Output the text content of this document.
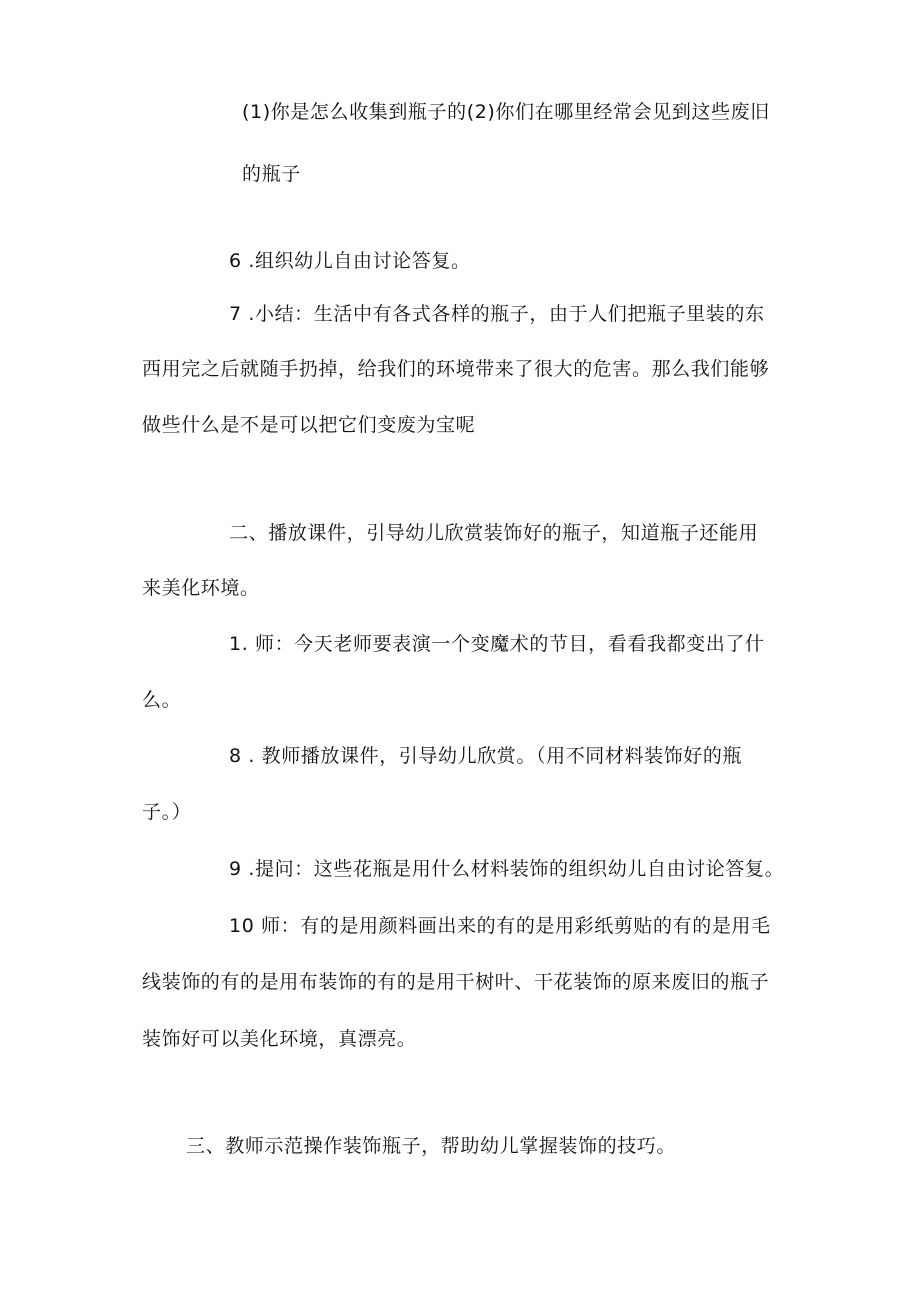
(1)你是怎么收集到瓶子的(2)你们在哪里经常会见到这些废旧
的瓶子
6 .组织幼儿自由讨论答复。
7 .小结：生活中有各式各样的瓶子，由于人们把瓶子里装的东
西用完之后就随手扔掉，给我们的环境带来了很大的危害。那么我们能够
做些什么是不是可以把它们变废为宝呢
二、播放课件，引导幼儿欣赏装饰好的瓶子，知道瓶子还能用
来美化环境。
1. 师：今天老师要表演一个变魔术的节目，看看我都变出了什
么。
8 . 教师播放课件，引导幼儿欣赏。（用不同材料装饰好的瓶
子。）
9 .提问：这些花瓶是用什么材料装饰的组织幼儿自由讨论答复。
10 师：有的是用颜料画出来的有的是用彩纸剪贴的有的是用毛
线装饰的有的是用布装饰的有的是用干树叶、干花装饰的原来废旧的瓶子
装饰好可以美化环境，真漂亮。
三、教师示范操作装饰瓶子，帮助幼儿掌握装饰的技巧。
